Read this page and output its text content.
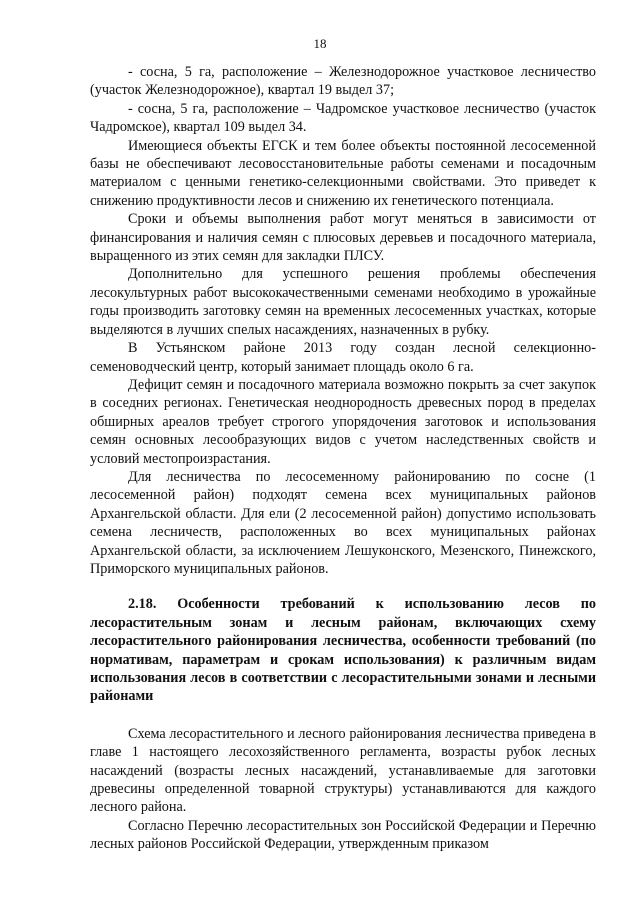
18

- сосна, 5 га, расположение – Железнодорожное участковое лесничество (участок Железнодорожное), квартал 19 выдел 37;

- сосна, 5 га, расположение – Чадромское участковое лесничество (участок Чадромское), квартал 109 выдел 34.

Имеющиеся объекты ЕГСК и тем более объекты постоянной лесосеменной базы не обеспечивают лесовосстановительные работы семенами и посадочным материалом с ценными генетико-селекционными свойствами. Это приведет к снижению продуктивности лесов и снижению их генетического потенциала.

Сроки и объемы выполнения работ могут меняться в зависимости от финансирования и наличия семян с плюсовых деревьев и посадочного материала, выращенного из этих семян для закладки ПЛСУ.

Дополнительно для успешного решения проблемы обеспечения лесокультурных работ высококачественными семенами необходимо в урожайные годы производить заготовку семян на временных лесосеменных участках, которые выделяются в лучших спелых насаждениях, назначенных в рубку.

В Устьянском районе 2013 году создан лесной селекционно-семеноводческий центр, который занимает площадь около 6 га.

Дефицит семян и посадочного материала возможно покрыть за счет закупок в соседних регионах. Генетическая неоднородность древесных пород в пределах обширных ареалов требует строгого упорядочения заготовок и использования семян основных лесообразующих видов с учетом наследственных свойств и условий местопроизрастания.

Для лесничества по лесосеменному районированию по сосне (1 лесосеменной район) подходят семена всех муниципальных районов Архангельской области. Для ели (2 лесосеменной район) допустимо использовать семена лесничеств, расположенных во всех муниципальных районах Архангельской области, за исключением Лешуконского, Мезенского, Пинежского, Приморского муниципальных районов.

2.18. Особенности требований к использованию лесов по лесорастительным зонам и лесным районам, включающих схему лесорастительного районирования лесничества, особенности требований (по нормативам, параметрам и срокам использования) к различным видам использования лесов в соответствии с лесорастительными зонами и лесными районами

Схема лесорастительного и лесного районирования лесничества приведена в главе 1 настоящего лесохозяйственного регламента, возрасты рубок лесных насаждений (возрасты лесных насаждений, устанавливаемые для заготовки древесины определенной товарной структуры) устанавливаются для каждого лесного района.

Согласно Перечню лесорастительных зон Российской Федерации и Перечню лесных районов Российской Федерации, утвержденным приказом
